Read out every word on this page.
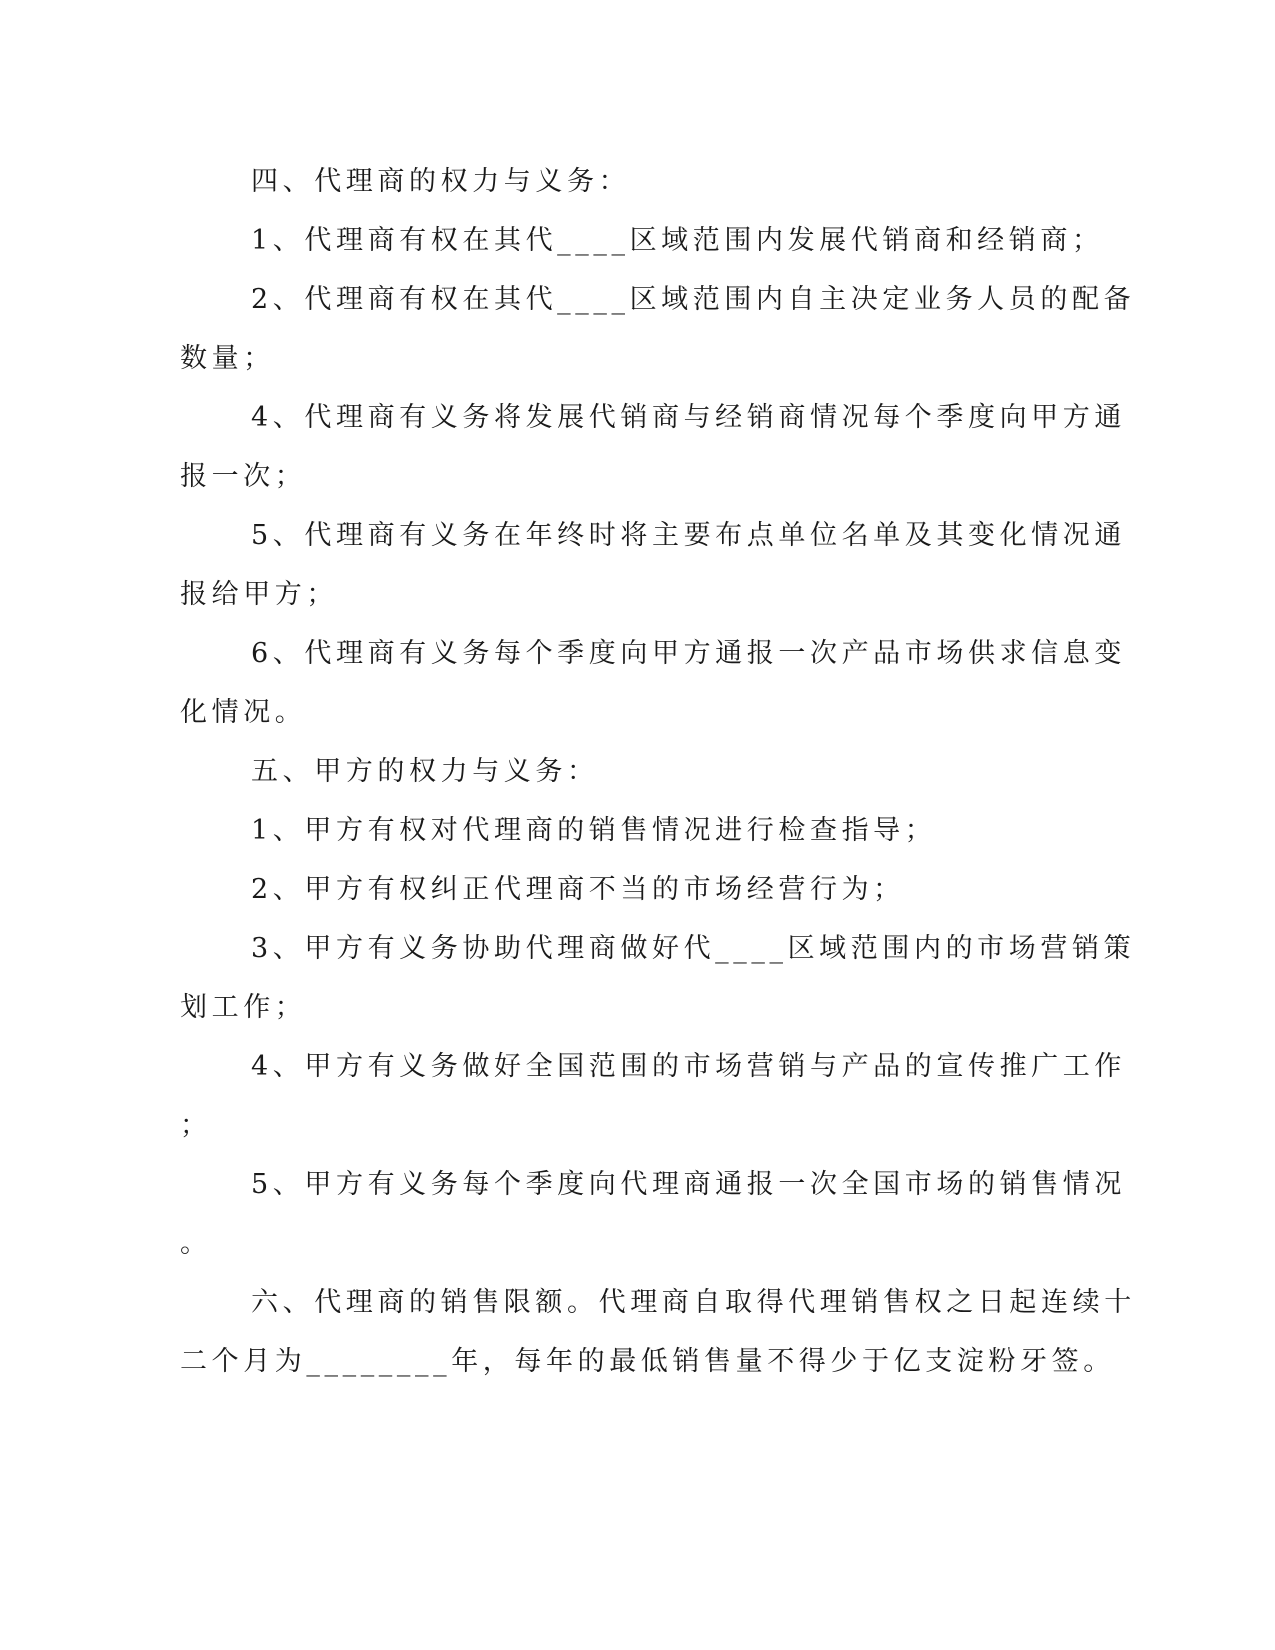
四、代理商的权力与义务：
1、代理商有权在其代____区域范围内发展代销商和经销商；
2、代理商有权在其代____区域范围内自主决定业务人员的配备
数量；
4、代理商有义务将发展代销商与经销商情况每个季度向甲方通
报一次；
5、代理商有义务在年终时将主要布点单位名单及其变化情况通
报给甲方；
6、代理商有义务每个季度向甲方通报一次产品市场供求信息变
化情况。
五、甲方的权力与义务：
1、甲方有权对代理商的销售情况进行检查指导；
2、甲方有权纠正代理商不当的市场经营行为；
3、甲方有义务协助代理商做好代____区域范围内的市场营销策
划工作；
4、甲方有义务做好全国范围的市场营销与产品的宣传推广工作
；
5、甲方有义务每个季度向代理商通报一次全国市场的销售情况
。
六、代理商的销售限额。代理商自取得代理销售权之日起连续十
二个月为________年，每年的最低销售量不得少于亿支淀粉牙签。
